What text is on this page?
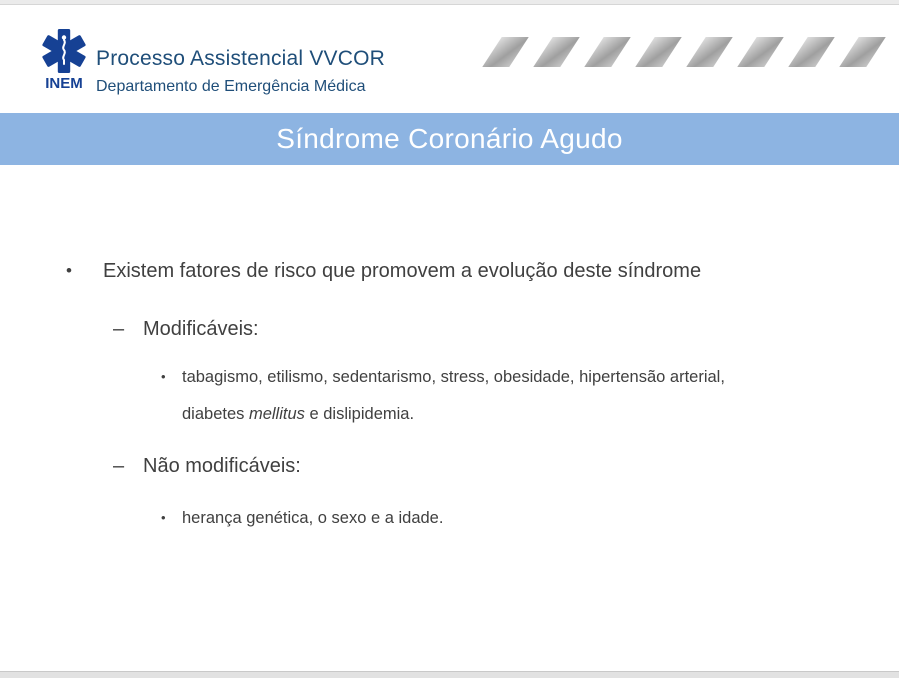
INEM
Processo Assistencial VVCOR
Departamento de Emergência Médica
Síndrome Coronário Agudo
• Existem fatores de risco que promovem a evolução deste síndrome
– Modificáveis:
• tabagismo, etilismo, sedentarismo, stress, obesidade, hipertensão arterial,
diabetes mellitus e dislipidemia.
– Não modificáveis:
• herança genética, o sexo e a idade.
